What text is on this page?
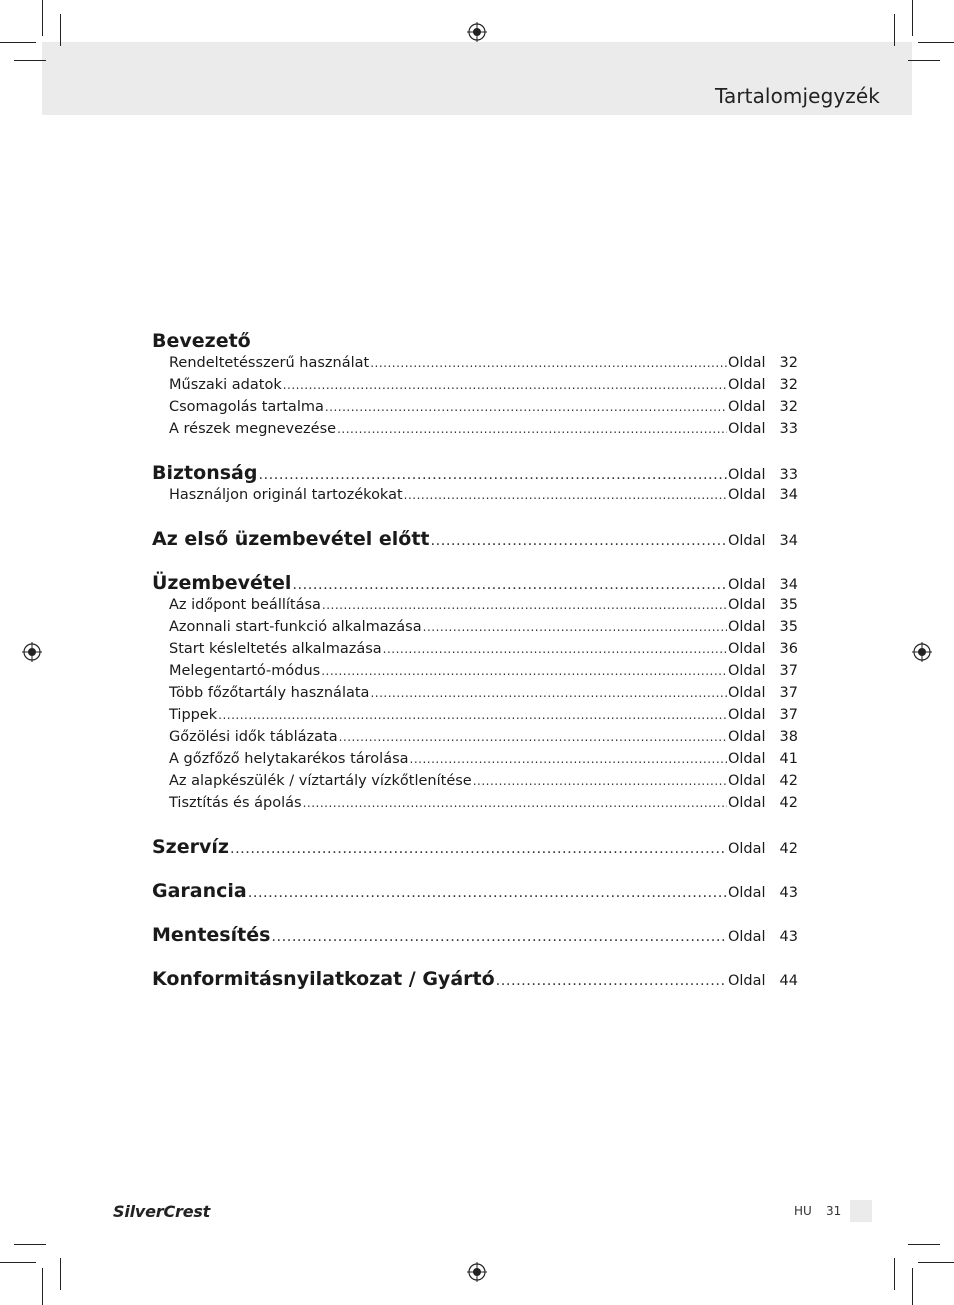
Tartalomjegyzék
Bevezető
Rendeltetésszerű használat .....	Oldal 32
Műszaki adatok .....	Oldal 32
Csomagolás tartalma .....	Oldal 32
A részek megnevezése .....	Oldal 33
Biztonság .....	Oldal 33
Használjon originál tartozékokat .....	Oldal 34
Az első üzembevétel előtt .....	Oldal 34
Üzembevétel .....	Oldal 34
Az időpont beállítása .....	Oldal 35
Azonnali start-funkció alkalmazása .....	Oldal 35
Start késleltetés alkalmazása .....	Oldal 36
Melegentartó-módus .....	Oldal 37
Több főzőtartály használata .....	Oldal 37
Tippek .....	Oldal 37
Gőzölési idők táblázata .....	Oldal 38
A gőzfőző helytakarékos tárolása .....	Oldal 41
Az alapkészülék / víztartály vízkőtlenítése .....	Oldal 42
Tisztítás és ápolás .....	Oldal 42
Szervíz .....	Oldal 42
Garancia .....	Oldal 43
Mentesítés .....	Oldal 43
Konformitásnyilatkozat / Gyártó .....	Oldal 44
SilverCrest	HU 31
